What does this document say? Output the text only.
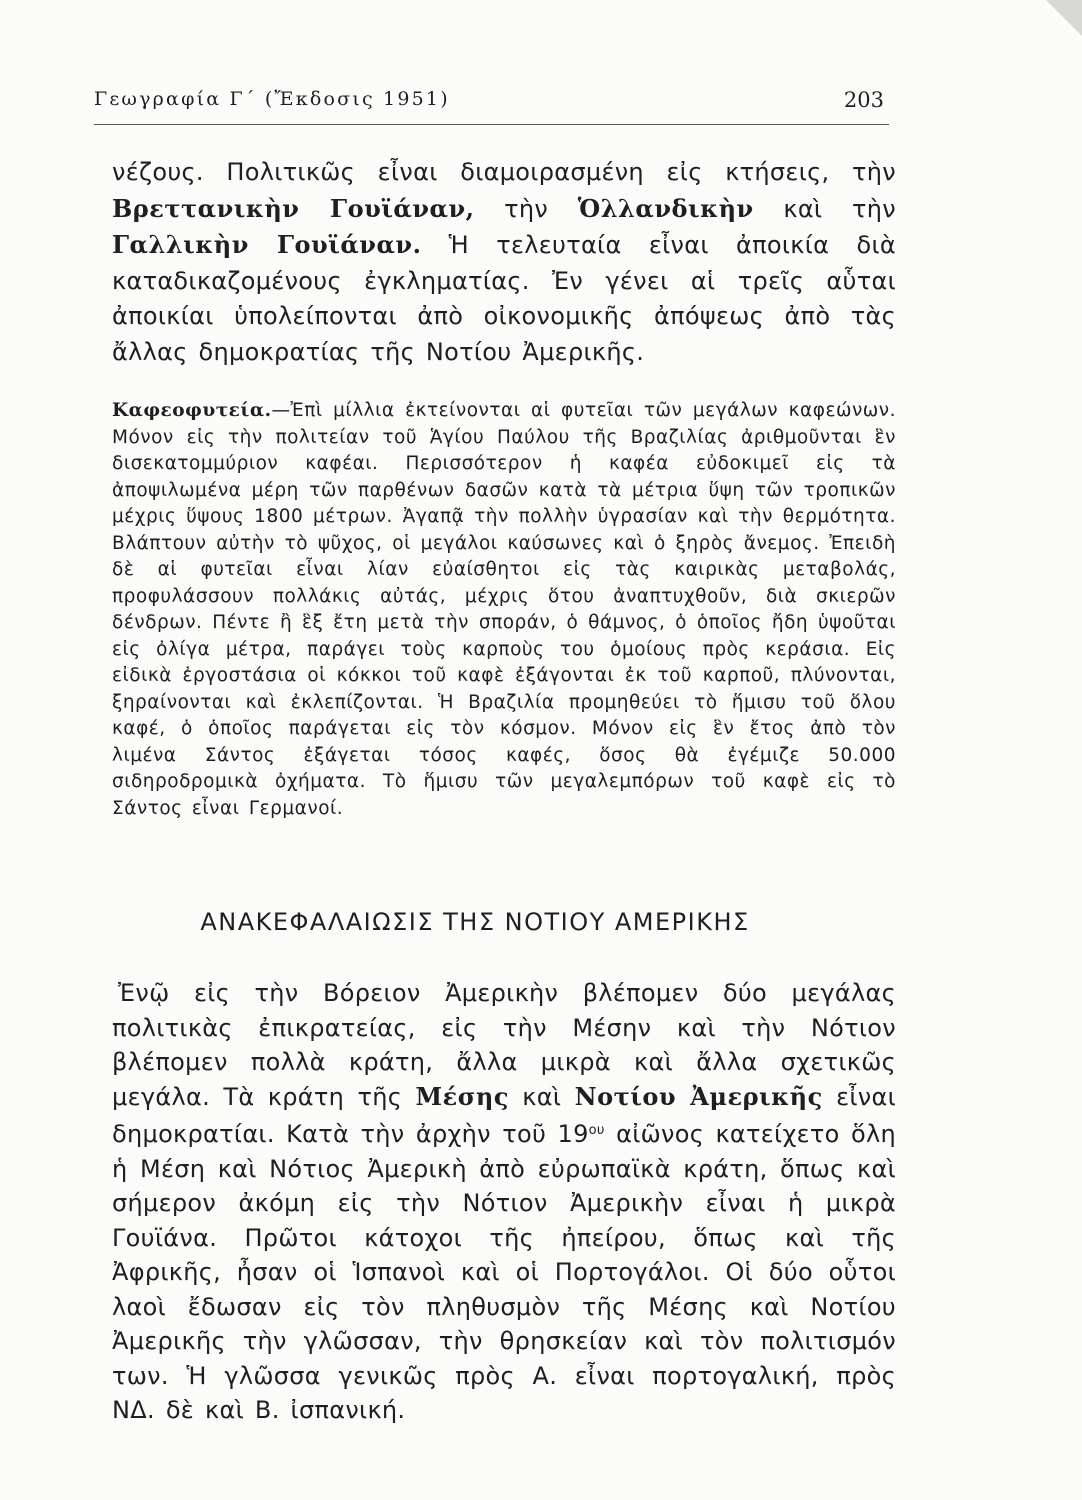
Γεωγραφία Γ΄ (Ἔκδοσις 1951)	203

νέζους. Πολιτικῶς εἶναι διαμοιρασμένη εἰς κτήσεις, τὴν Βρεττανικὴν Γουϊάναν, τὴν Ὁλλανδικὴν καὶ τὴν Γαλλικὴν Γουϊάναν. Ἡ τελευταία εἶναι ἀποικία διὰ καταδικαζομένους ἐγκληματίας. Ἐν γένει αἱ τρεῖς αὗται ἀποικίαι ὑπολείπονται ἀπὸ οἰκονομικῆς ἀπόψεως ἀπὸ τὰς ἄλλας δημοκρατίας τῆς Νοτίου Ἀμερικῆς.

Καφεοφυτεία.—Ἐπὶ μίλλια ἐκτείνονται αἱ φυτεῖαι τῶν μεγάλων καφεώνων. Μόνον εἰς τὴν πολιτείαν τοῦ Ἁγίου Παύλου τῆς Βραζιλίας ἀριθμοῦνται ἓν δισεκατομμύριον καφέαι. Περισσότερον ἡ καφέα εὐδοκιμεῖ εἰς τὰ ἀποψιλωμένα μέρη τῶν παρθένων δασῶν κατὰ τὰ μέτρια ὕψη τῶν τροπικῶν μέχρις ὕψους 1800 μέτρων. Ἀγαπᾷ τὴν πολλὴν ὑγρασίαν καὶ τὴν θερμότητα. Βλάπτουν αὐτὴν τὸ ψῦχος, οἱ μεγάλοι καύσωνες καὶ ὁ ξηρὸς ἄνεμος. Ἐπειδὴ δὲ αἱ φυτεῖαι εἶναι λίαν εὐαίσθητοι εἰς τὰς καιρικὰς μεταβολάς, προφυλάσσουν πολλάκις αὐτάς, μέχρις ὅτου ἀναπτυχθοῦν, διὰ σκιερῶν δένδρων. Πέντε ἢ ἓξ ἔτη μετὰ τὴν σποράν, ὁ θάμνος, ὁ ὁποῖος ἤδη ὑψοῦται εἰς ὀλίγα μέτρα, παράγει τοὺς καρποὺς του ὁμοίους πρὸς κεράσια. Εἰς εἰδικὰ ἐργοστάσια οἱ κόκκοι τοῦ καφὲ ἐξάγονται ἐκ τοῦ καρποῦ, πλύνονται, ξηραίνονται καὶ ἐκλεπίζονται. Ἡ Βραζιλία προμηθεύει τὸ ἥμισυ τοῦ ὅλου καφέ, ὁ ὁποῖος παράγεται εἰς τὸν κόσμον. Μόνον εἰς ἓν ἔτος ἀπὸ τὸν λιμένα Σάντος ἐξάγεται τόσος καφές, ὅσος θὰ ἐγέμιζε 50.000 σιδηροδρομικὰ ὀχήματα. Τὸ ἥμισυ τῶν μεγαλεμπόρων τοῦ καφὲ εἰς τὸ Σάντος εἶναι Γερμανοί.

ΑΝΑΚΕΦΑΛΑΙΩΣΙΣ ΤΗΣ ΝΟΤΙΟΥ ΑΜΕΡΙΚΗΣ

Ἐνῷ εἰς τὴν Βόρειον Ἀμερικὴν βλέπομεν δύο μεγάλας πολιτικὰς ἐπικρατείας, εἰς τὴν Μέσην καὶ τὴν Νότιον βλέπομεν πολλὰ κράτη, ἄλλα μικρὰ καὶ ἄλλα σχετικῶς μεγάλα. Τὰ κράτη τῆς Μέσης καὶ Νοτίου Ἀμερικῆς εἶναι δημοκρατίαι. Κατὰ τὴν ἀρχὴν τοῦ $19^{o\upsilon}$ αἰῶνος κατείχετο ὅλη ἡ Μέση καὶ Νότιος Ἀμερικὴ ἀπὸ εὐρωπαϊκὰ κράτη, ὅπως καὶ σήμερον ἀκόμη εἰς τὴν Νότιον Ἀμερικὴν εἶναι ἡ μικρὰ Γουϊάνα. Πρῶτοι κάτοχοι τῆς ἠπείρου, ὅπως καὶ τῆς Ἀφρικῆς, ἦσαν οἱ Ἱσπανοὶ καὶ οἱ Πορτογάλοι. Οἱ δύο οὗτοι λαοὶ ἔδωσαν εἰς τὸν πληθυσμὸν τῆς Μέσης καὶ Νοτίου Ἀμερικῆς τὴν γλῶσσαν, τὴν θρησκείαν καὶ τὸν πολιτισμόν των. Ἡ γλῶσσα γενικῶς πρὸς Α. εἶναι πορτογαλική, πρὸς ΝΔ. δὲ καὶ Β. ἰσπανική.
